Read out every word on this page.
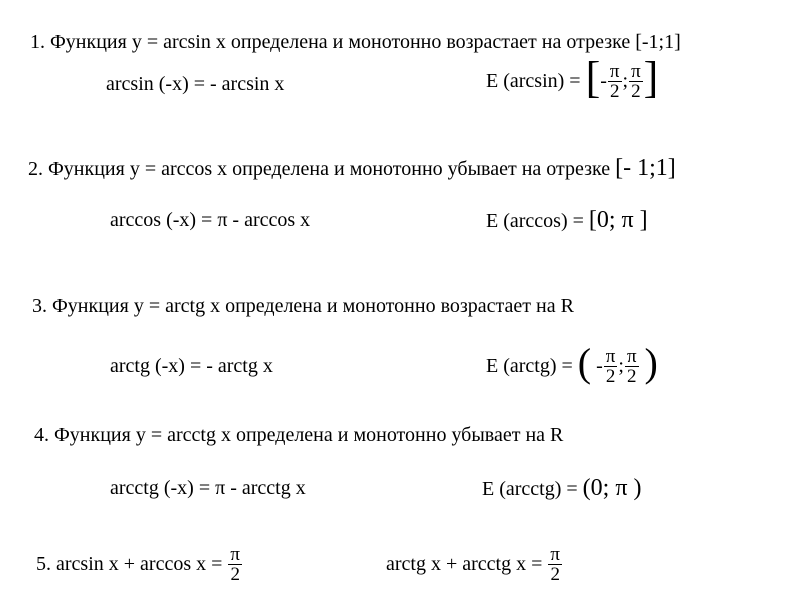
1. Функция y = arcsin x определена и монотонно возрастает на отрезке [-1;1]
arcsin (-x) = - arcsin x	E (arcsin) =
[ - $\frac{\pi}{2}$ ; $\frac{\pi}{2}$ ]
2. Функция y = arccos x определена и монотонно убывает на отрезке [- 1;1]
arccos (-x) = π - arccos x	E (arccos) = [0; π ]
3. Функция y = arctg x определена и монотонно возрастает на R
arctg (-x) = - arctg x	E (arctg) =
(
- $\frac{\pi}{2}$ ; $\frac{\pi}{2}$
)
4. Функция y = arcctg x определена и монотонно убывает на R
arcctg (-x) = π - arcctg x	E (arcctg) = (0; π )
5. arcsin x + arccos x =
$\frac{\pi}{2}$	arctg x + arcctg x =
$\frac{\pi}{2}$
